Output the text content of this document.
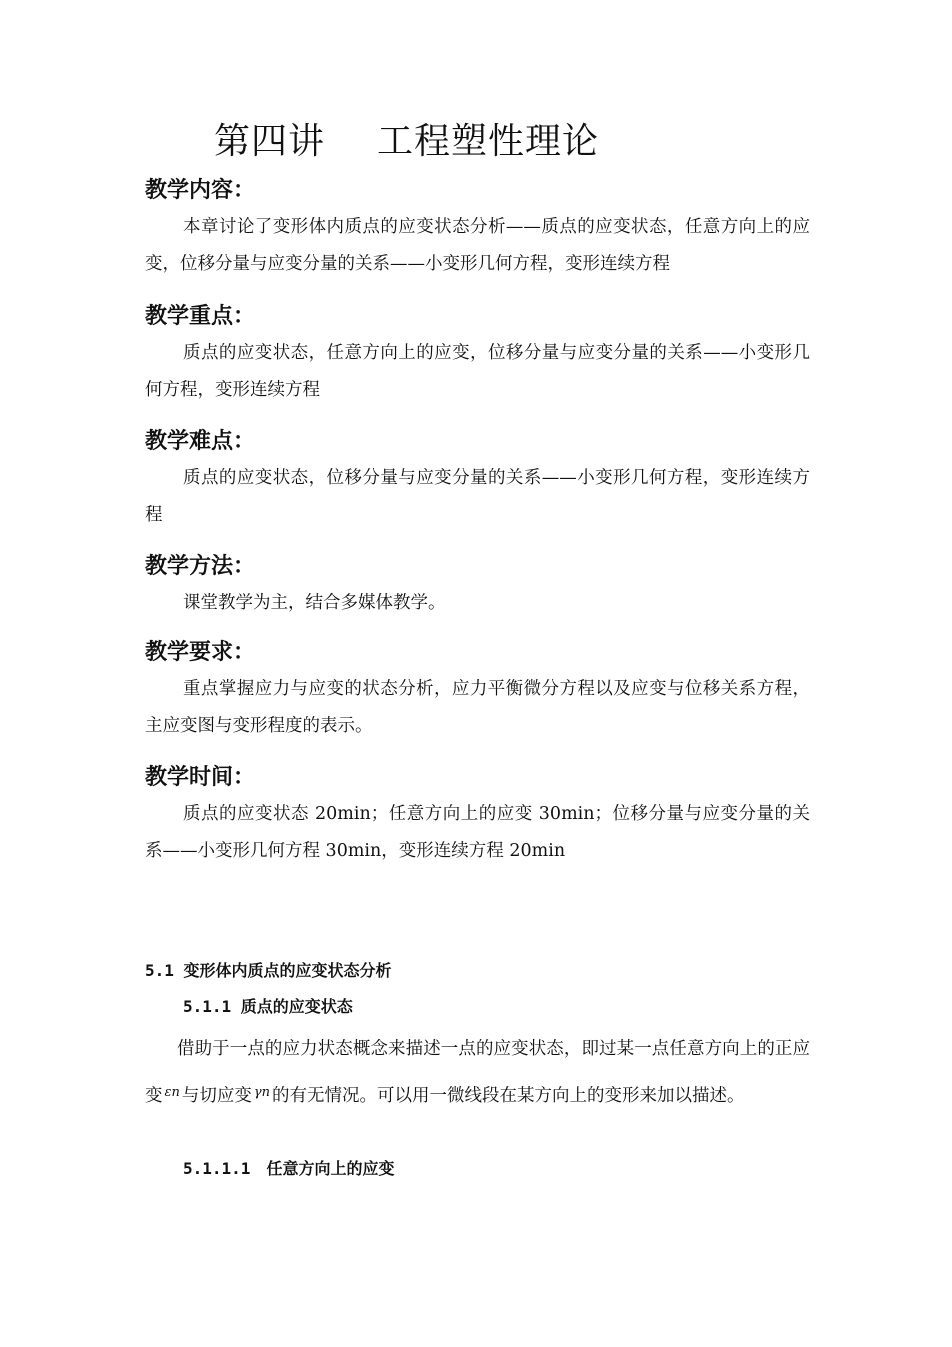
第四讲 工程塑性理论
教学内容：

本章讨论了变形体内质点的应变状态分析——质点的应变状态，任意方向上的应变，位移分量与应变分量的关系——小变形几何方程，变形连续方程

教学重点：

质点的应变状态，任意方向上的应变，位移分量与应变分量的关系——小变形几何方程，变形连续方程

教学难点：

质点的应变状态，位移分量与应变分量的关系——小变形几何方程，变形连续方程

教学方法：

课堂教学为主，结合多媒体教学。

教学要求：

重点掌握应力与应变的状态分析，应力平衡微分方程以及应变与位移关系方程，主应变图与变形程度的表示。

教学时间：

质点的应变状态 20min；任意方向上的应变 30min；位移分量与应变分量的关系——小变形几何方程 30min，变形连续方程 20min

5.1 变形体内质点的应变状态分析
5.1.1 质点的应变状态

借助于一点的应力状态概念来描述一点的应变状态，即过某一点任意方向上的正应变 $^{\varepsilon n}$ 与切应变 $^{\gamma n}$ 的有无情况。可以用一微线段在某方向上的变形来加以描述。

5.1.1.1 任意方向上的应变
